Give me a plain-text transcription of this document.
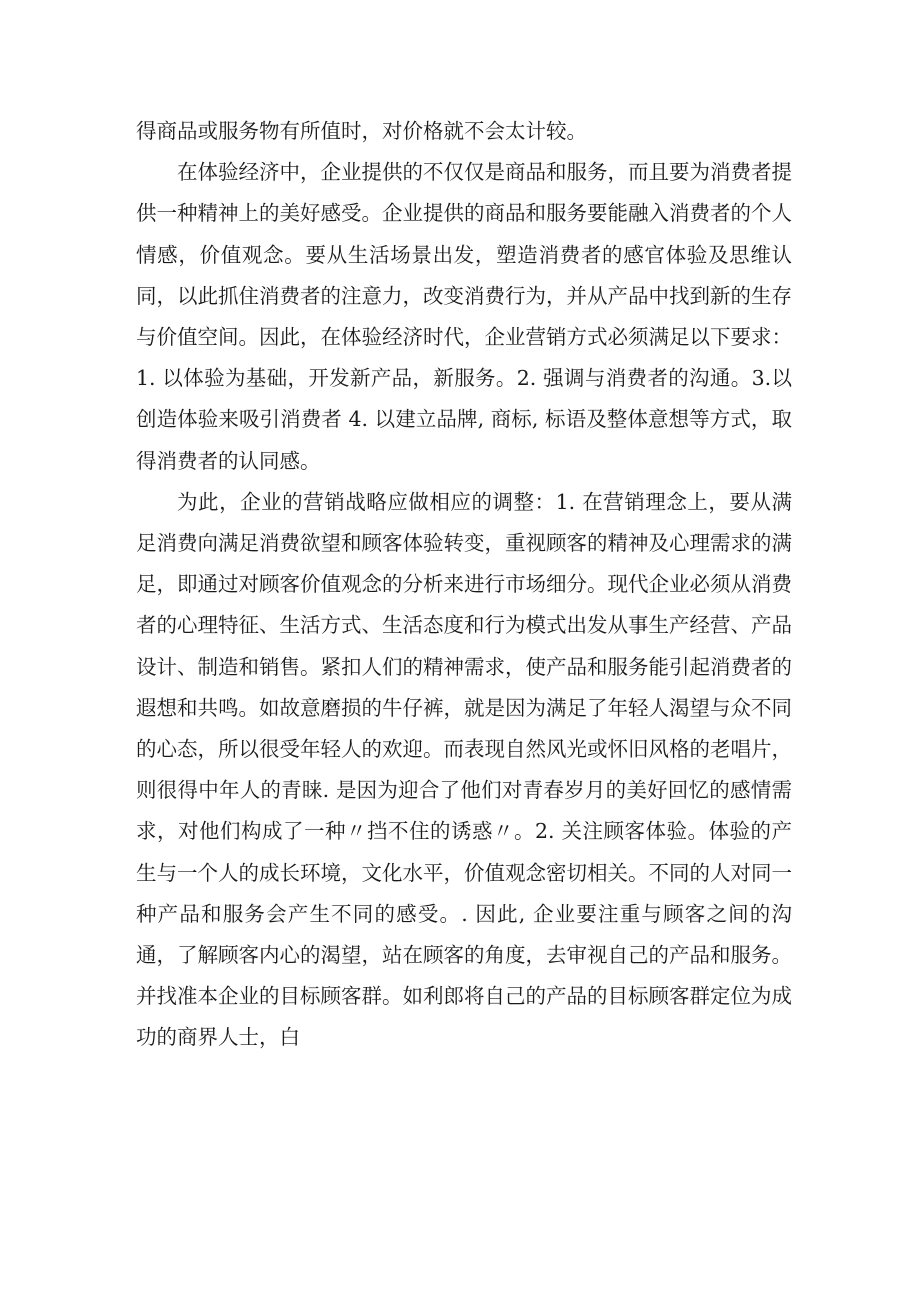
得商品或服务物有所值时，对价格就不会太计较。

在体验经济中，企业提供的不仅仅是商品和服务，而且要为消费者提供一种精神上的美好感受。企业提供的商品和服务要能融入消费者的个人情感，价值观念。要从生活场景出发，塑造消费者的感官体验及思维认同，以此抓住消费者的注意力，改变消费行为，并从产品中找到新的生存与价值空间。因此，在体验经济时代，企业营销方式必须满足以下要求：1. 以体验为基础，开发新产品，新服务。2. 强调与消费者的沟通。3.以创造体验来吸引消费者 4. 以建立品牌, 商标, 标语及整体意想等方式，取得消费者的认同感。

为此，企业的营销战略应做相应的调整：1. 在营销理念上，要从满足消费向满足消费欲望和顾客体验转变，重视顾客的精神及心理需求的满足，即通过对顾客价值观念的分析来进行市场细分。现代企业必须从消费者的心理特征、生活方式、生活态度和行为模式出发从事生产经营、产品设计、制造和销售。紧扣人们的精神需求，使产品和服务能引起消费者的遐想和共鸣。如故意磨损的牛仔裤，就是因为满足了年轻人渴望与众不同的心态，所以很受年轻人的欢迎。而表现自然风光或怀旧风格的老唱片，则很得中年人的青睐. 是因为迎合了他们对青春岁月的美好回忆的感情需求，对他们构成了一种〃挡不住的诱惑〃。2. 关注顾客体验。体验的产生与一个人的成长环境，文化水平，价值观念密切相关。不同的人对同一种产品和服务会产生不同的感受。. 因此, 企业要注重与顾客之间的沟通，了解顾客内心的渴望，站在顾客的角度，去审视自己的产品和服务。并找准本企业的目标顾客群。如利郎将自己的产品的目标顾客群定位为成功的商界人士，白
